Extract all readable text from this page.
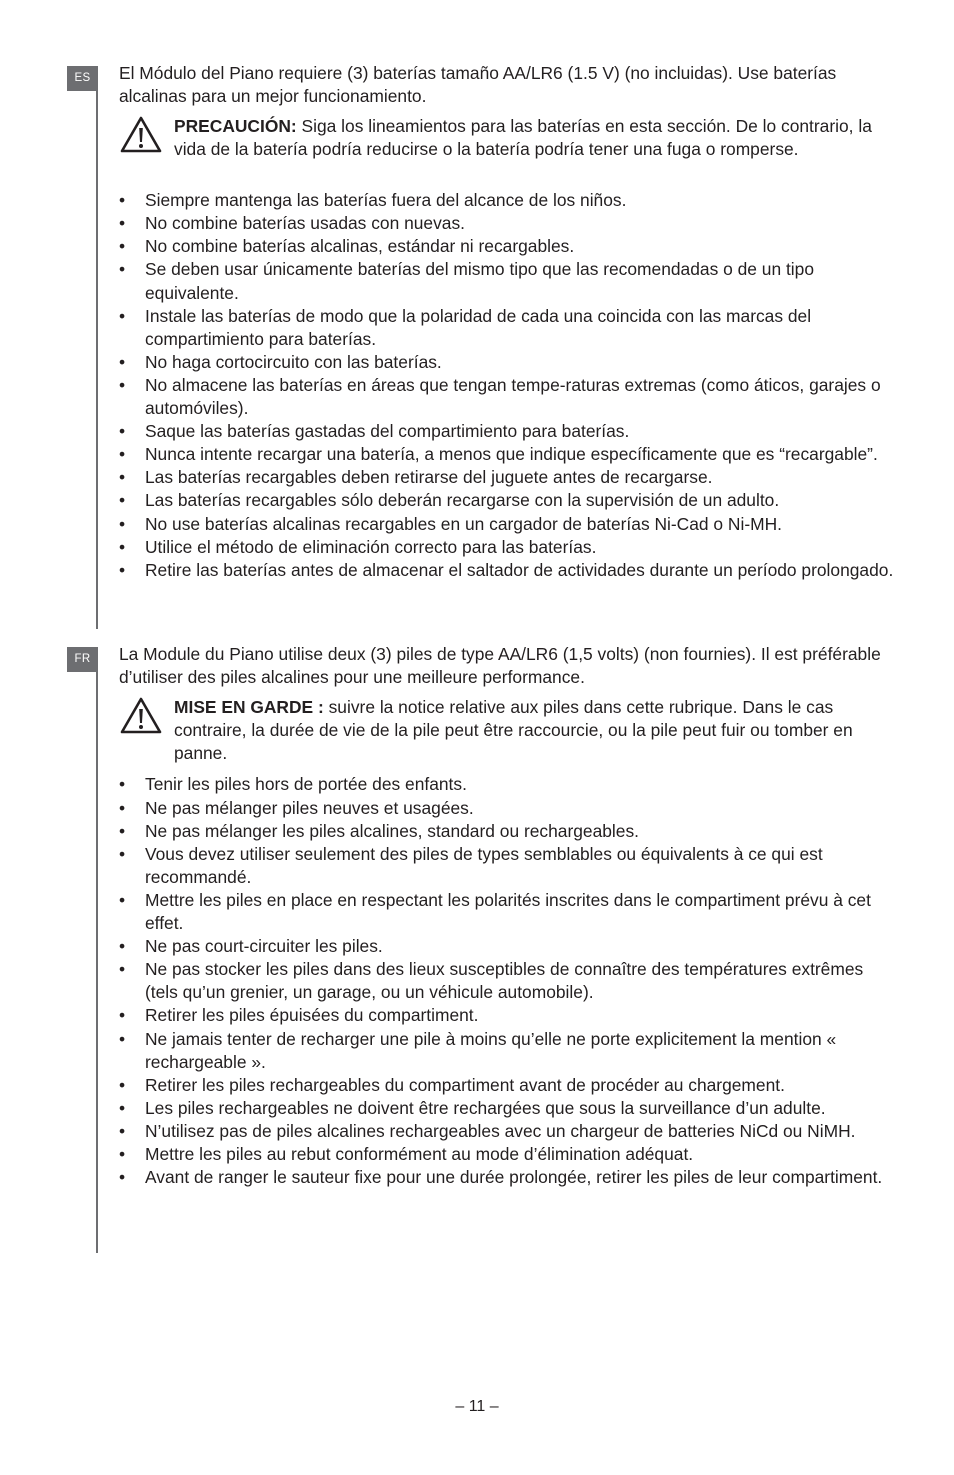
ES	El Módulo del Piano requiere (3) baterías tamaño AA/LR6 (1.5 V) (no incluidas). Use baterías alcalinas para un mejor funcionamiento.

PRECAUCIÓN: Siga los lineamientos para las baterías en esta sección. De lo contrario, la vida de la batería podría reducirse o la batería podría tener una fuga o romperse.

• Siempre mantenga las baterías fuera del alcance de los niños.
• No combine baterías usadas con nuevas.
• No combine baterías alcalinas, estándar ni recargables.
• Se deben usar únicamente baterías del mismo tipo que las recomendadas o de un tipo equivalente.
• Instale las baterías de modo que la polaridad de cada una coincida con las marcas del compartimiento para baterías.
• No haga cortocircuito con las baterías.
• No almacene las baterías en áreas que tengan tempe-raturas extremas (como áticos, garajes o automóviles).
• Saque las baterías gastadas del compartimiento para baterías.
• Nunca intente recargar una batería, a menos que indique específicamente que es “recargable”.
• Las baterías recargables deben retirarse del juguete antes de recargarse.
• Las baterías recargables sólo deberán recargarse con la supervisión de un adulto.
• No use baterías alcalinas recargables en un cargador de baterías Ni-Cad o Ni-MH.
• Utilice el método de eliminación correcto para las baterías.
• Retire las baterías antes de almacenar el saltador de actividades durante un período prolongado.
FR	La Module du Piano utilise deux (3) piles de type AA/LR6 (1,5 volts) (non fournies). Il est préférable d’utiliser des piles alcalines pour une meilleure performance.

MISE EN GARDE : suivre la notice relative aux piles dans cette rubrique. Dans le cas contraire, la durée de vie de la pile peut être raccourcie, ou la pile peut fuir ou tomber en panne.

• Tenir les piles hors de portée des enfants.
• Ne pas mélanger piles neuves et usagées.
• Ne pas mélanger les piles alcalines, standard ou rechargeables.
• Vous devez utiliser seulement des piles de types semblables ou équivalents à ce qui est recommandé.
• Mettre les piles en place en respectant les polarités inscrites dans le compartiment prévu à cet effet.
• Ne pas court-circuiter les piles.
• Ne pas stocker les piles dans des lieux susceptibles de connaître des températures extrêmes (tels qu’un grenier, un garage, ou un véhicule automobile).
• Retirer les piles épuisées du compartiment.
• Ne jamais tenter de recharger une pile à moins qu’elle ne porte explicitement la mention « rechargeable ».
• Retirer les piles rechargeables du compartiment avant de procéder au chargement.
• Les piles rechargeables ne doivent être rechargées que sous la surveillance d’un adulte.
• N’utilisez pas de piles alcalines rechargeables avec un chargeur de batteries NiCd ou NiMH.
• Mettre les piles au rebut conformément au mode d’élimination adéquat.
• Avant de ranger le sauteur fixe pour une durée prolongée, retirer les piles de leur compartiment.
– 11 –
